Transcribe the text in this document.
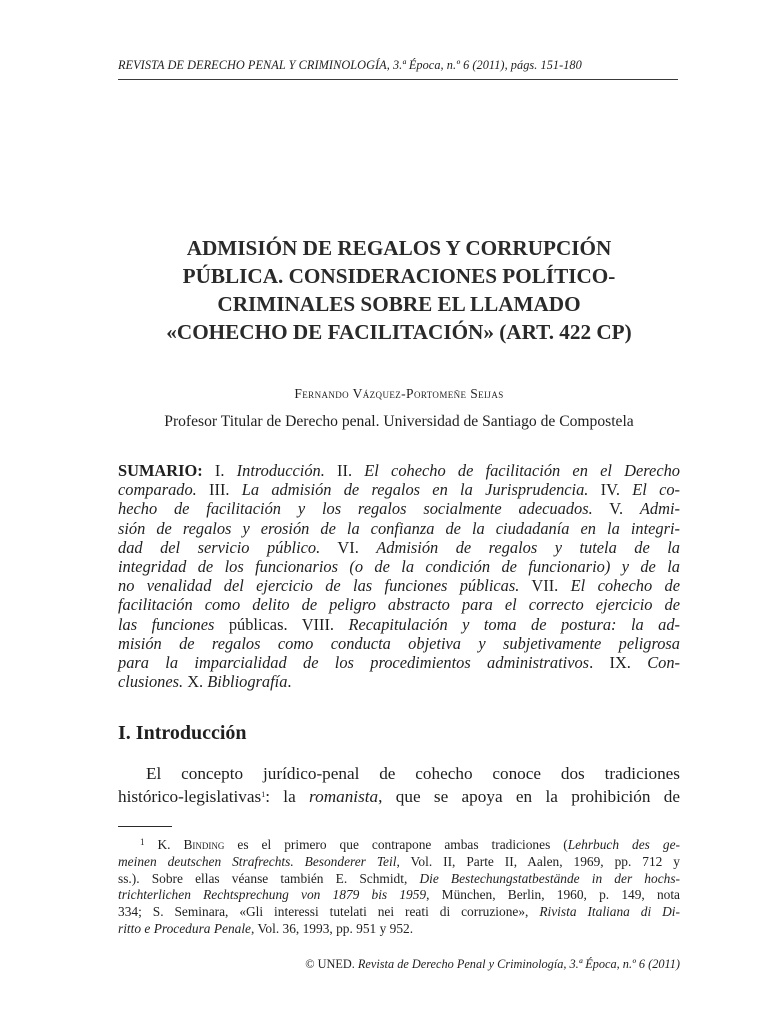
REVISTA DE DERECHO PENAL Y CRIMINOLOGÍA, 3.ª Época, n.º 6 (2011), págs. 151-180
ADMISIÓN DE REGALOS Y CORRUPCIÓN
PÚBLICA. CONSIDERACIONES POLÍTICO-
CRIMINALES SOBRE EL LLAMADO
«COHECHO DE FACILITACIÓN» (ART. 422 CP)
Fernando Vázquez-Portomeñe Seijas
Profesor Titular de Derecho penal. Universidad de Santiago de Compostela
SUMARIO: I. Introducción. II. El cohecho de facilitación en el Derecho
comparado. III. La admisión de regalos en la Jurisprudencia. IV. El co-
hecho de facilitación y los regalos socialmente adecuados. V. Admi-
sión de regalos y erosión de la confianza de la ciudadanía en la integri-
dad del servicio público. VI. Admisión de regalos y tutela de la
integridad de los funcionarios (o de la condición de funcionario) y de la
no venalidad del ejercicio de las funciones públicas. VII. El cohecho de
facilitación como delito de peligro abstracto para el correcto ejercicio de
las funciones públicas. VIII. Recapitulación y toma de postura: la ad-
misión de regalos como conducta objetiva y subjetivamente peligrosa
para la imparcialidad de los procedimientos administrativos. IX. Con-
clusiones. X. Bibliografía.
I. Introducción
El concepto jurídico-penal de cohecho conoce dos tradiciones
histórico-legislativas$^1$: la romanista, que se apoya en la prohibición de
$^1$ K. Binding es el primero que contrapone ambas tradiciones (Lehrbuch des ge-
meinen deutschen Strafrechts. Besonderer Teil, Vol. II, Parte II, Aalen, 1969, pp. 712 y
ss.). Sobre ellas véanse también E. Schmidt, Die Bestechungstatbestände in der hochs-
trichterlichen Rechtsprechung von 1879 bis 1959, München, Berlin, 1960, p. 149, nota
334; S. Seminara, «Gli interessi tutelati nei reati di corruzione», Rivista Italiana di Di-
ritto e Procedura Penale, Vol. 36, 1993, pp. 951 y 952.
© UNED. Revista de Derecho Penal y Criminología, 3.ª Época, n.º 6 (2011)
